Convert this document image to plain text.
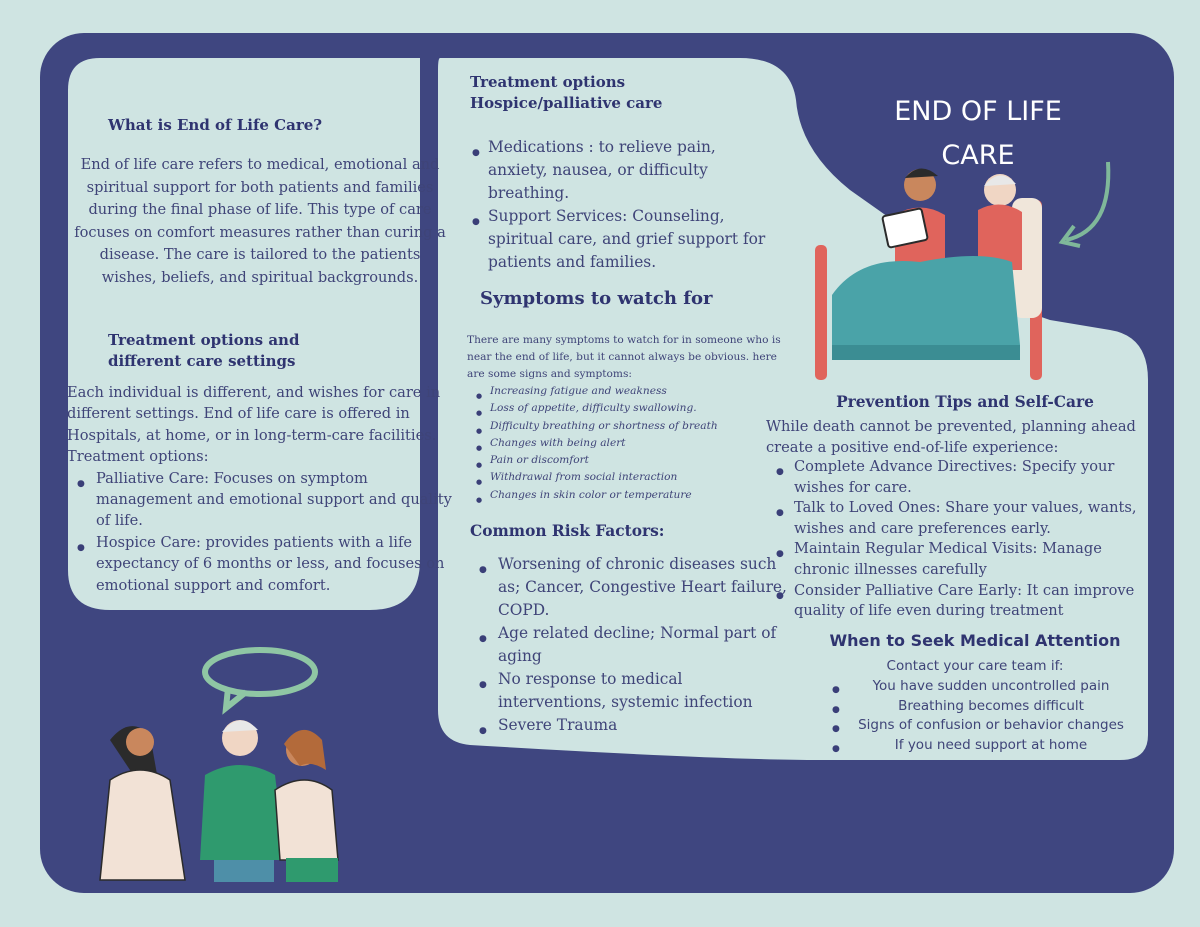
END OF LIFE CARE
What is End of Life Care?
End of life care refers to medical, emotional and spiritual support for both patients and families during the final phase of life. This type of care focuses on comfort measures rather than curing a disease. The care is tailored to the patients wishes, beliefs, and spiritual backgrounds.
Treatment options and different care settings
Each individual is different, and wishes for care in different settings. End of life care is offered in Hospitals, at home, or in long-term-care facilities. Treatment options:
● Palliative Care: Focuses on symptom management and emotional support and quality of life.
● Hospice Care: provides patients with a life expectancy of 6 months or less, and focuses on emotional support and comfort.
Treatment options Hospice/palliative care
● Medications : to relieve pain, anxiety, nausea, or difficulty breathing.
● Support Services: Counseling, spiritual care, and grief support for patients and families.
Symptoms to watch for
There are many symptoms to watch for in someone who is near the end of life, but it cannot always be obvious. here are some signs and symptoms:
● Increasing fatigue and weakness
● Loss of appetite, difficulty swallowing.
● Difficulty breathing or shortness of breath
● Changes with being alert
● Pain or discomfort
● Withdrawal from social interaction
● Changes in skin color or temperature
Common Risk Factors:
● Worsening of chronic diseases such as; Cancer, Congestive Heart failure, COPD.
● Age related decline; Normal part of aging
● No response to medical interventions, systemic infection
● Severe Trauma
Prevention Tips and Self-Care
While death cannot be prevented, planning ahead create a positive end-of-life experience:
● Complete Advance Directives: Specify your wishes for care.
● Talk to Loved Ones: Share your values, wants, wishes and care preferences early.
● Maintain Regular Medical Visits: Manage chronic illnesses carefully
● Consider Palliative Care Early: It can improve quality of life even during treatment
When to Seek Medical Attention
Contact your care team if:
● You have sudden uncontrolled pain
● Breathing becomes difficult
● Signs of confusion or behavior changes
● If you need support at home
